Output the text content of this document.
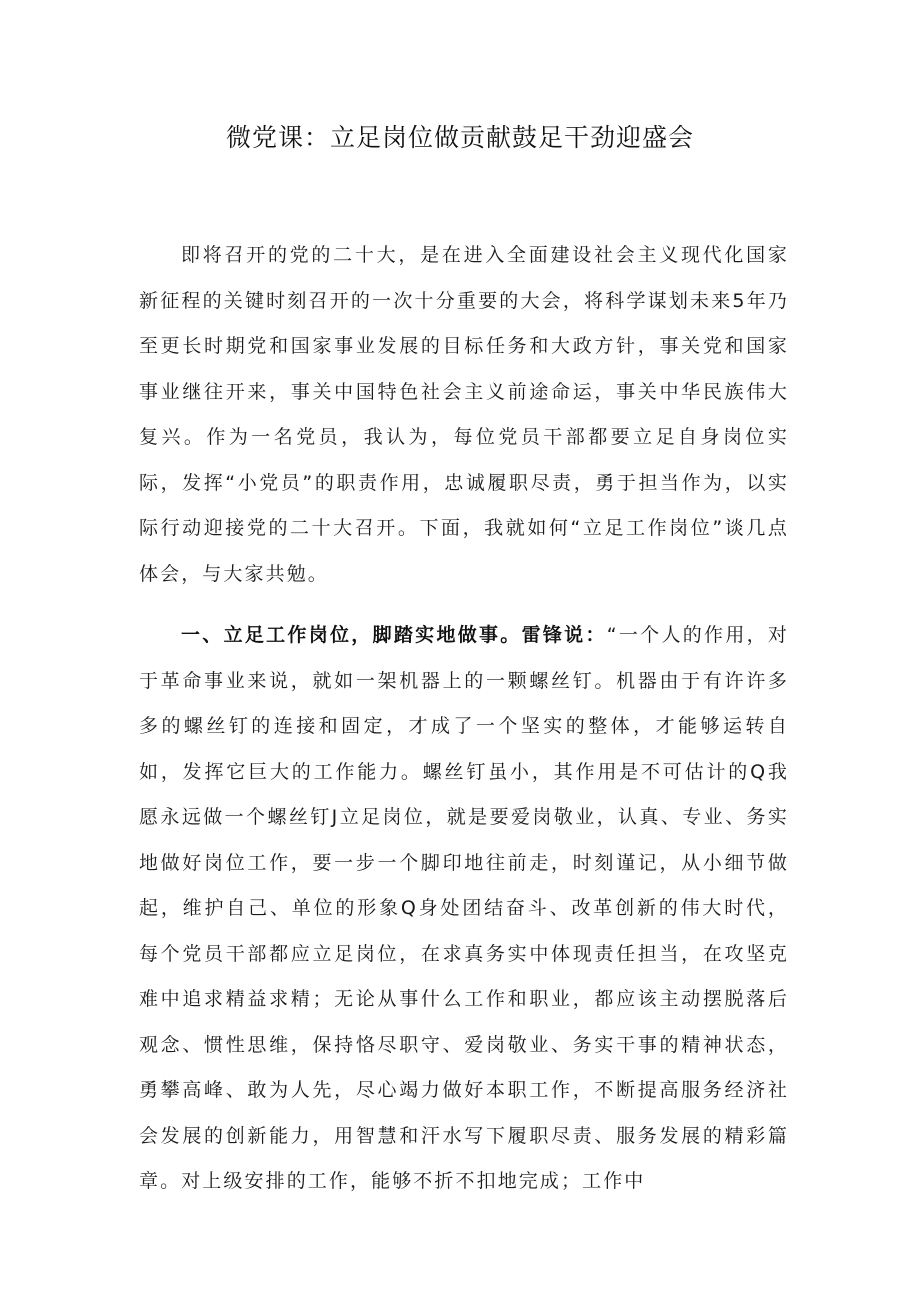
微党课：立足岗位做贡献鼓足干劲迎盛会

即将召开的党的二十大，是在进入全面建设社会主义现代化国家新征程的关键时刻召开的一次十分重要的大会，将科学谋划未来5年乃至更长时期党和国家事业发展的目标任务和大政方针，事关党和国家事业继往开来，事关中国特色社会主义前途命运，事关中华民族伟大复兴。作为一名党员，我认为，每位党员干部都要立足自身岗位实际，发挥“小党员”的职责作用，忠诚履职尽责，勇于担当作为，以实际行动迎接党的二十大召开。下面，我就如何“立足工作岗位”谈几点体会，与大家共勉。

一、立足工作岗位，脚踏实地做事。雷锋说：“一个人的作用，对于革命事业来说，就如一架机器上的一颗螺丝钉。机器由于有许许多多的螺丝钉的连接和固定，才成了一个坚实的整体，才能够运转自如，发挥它巨大的工作能力。螺丝钉虽小，其作用是不可估计的Q我愿永远做一个螺丝钉J立足岗位，就是要爱岗敬业，认真、专业、务实地做好岗位工作，要一步一个脚印地往前走，时刻谨记，从小细节做起，维护自己、单位的形象Q身处团结奋斗、改革创新的伟大时代，每个党员干部都应立足岗位，在求真务实中体现责任担当，在攻坚克难中追求精益求精；无论从事什么工作和职业，都应该主动摆脱落后观念、惯性思维，保持恪尽职守、爱岗敬业、务实干事的精神状态，勇攀高峰、敢为人先，尽心竭力做好本职工作，不断提高服务经济社会发展的创新能力，用智慧和汗水写下履职尽责、服务发展的精彩篇章。对上级安排的工作，能够不折不扣地完成；工作中
